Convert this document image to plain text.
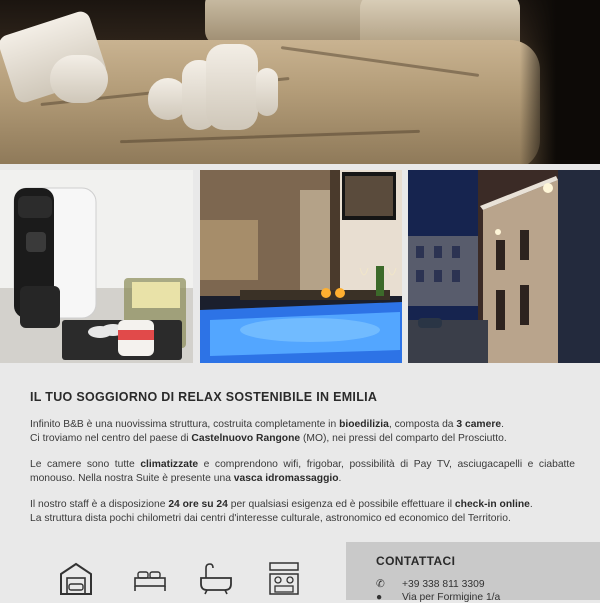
IL TUO SOGGIORNO DI RELAX SOSTENIBILE IN EMILIA

Infinito B&B è una nuovissima struttura, costruita completamente in bioedilizia, composta da 3 camere.
Ci troviamo nel centro del paese di Castelnuovo Rangone (MO), nei pressi del comparto del Prosciutto.

Le camere sono tutte climatizzate e comprendono wifi, frigobar, possibilità di Pay TV, asciugacapelli e ciabatte monouso. Nella nostra Suite è presente una vasca idromassaggio.

Il nostro staff è a disposizione 24 ore su 24 per qualsiasi esigenza ed è possibile effettuare il check-in online.
La struttura dista pochi chilometri dai centri d'interesse culturale, astronomico ed economico del Territorio.

CONTATTACI
✆ +39 338 811 3309
● Via per Formigine 1/a
